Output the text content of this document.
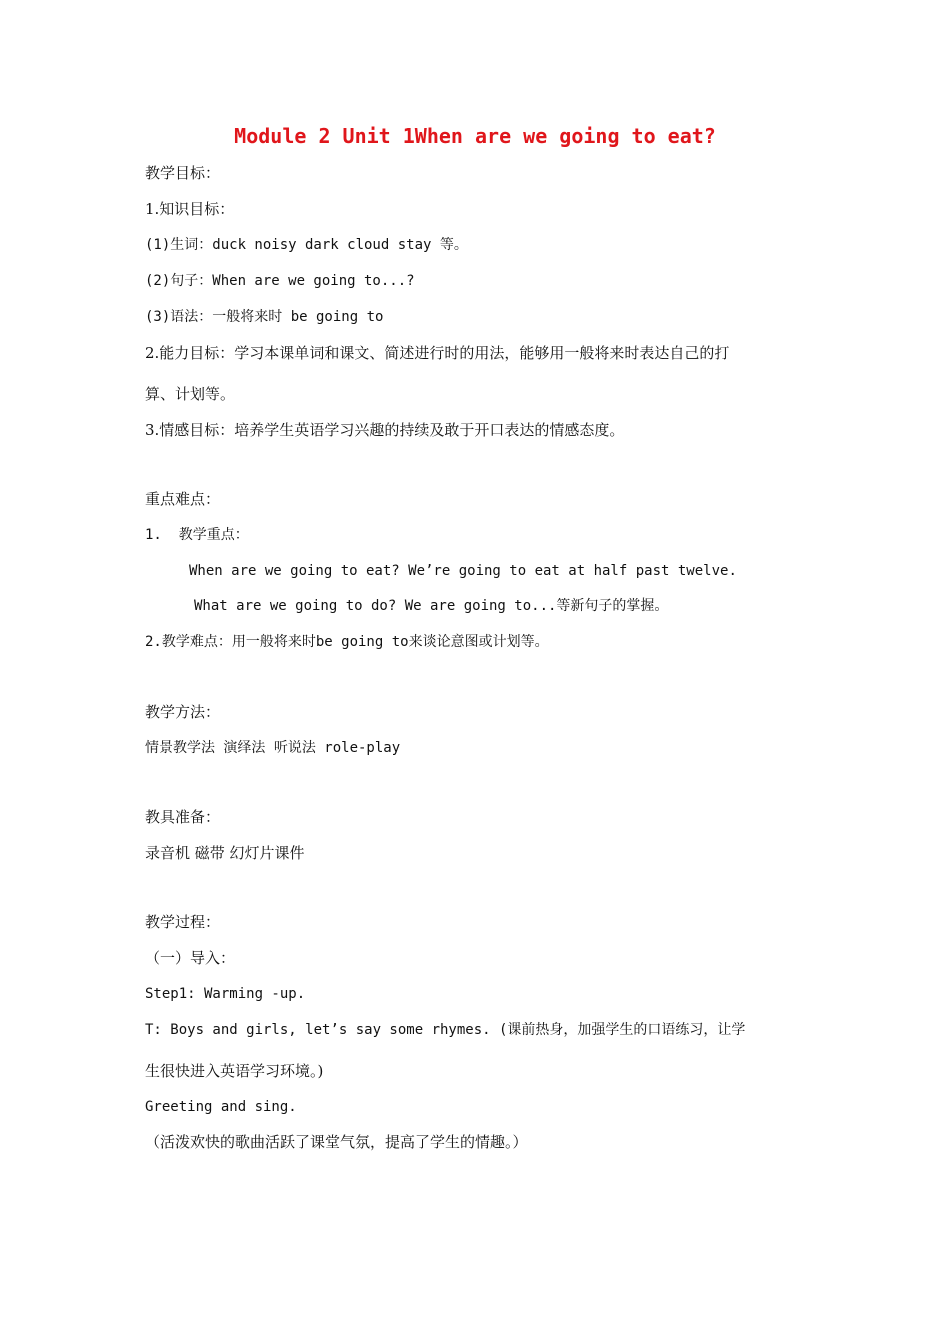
Module 2 Unit 1When are we going to eat?
教学目标：
1.知识目标：
(1)生词：duck noisy dark cloud stay 等。
(2)句子：When are we going to...?
(3)语法：一般将来时 be going to
2.能力目标：学习本课单词和课文、简述进行时的用法，能够用一般将来时表达自己的打
算、计划等。
3.情感目标：培养学生英语学习兴趣的持续及敢于开口表达的情感态度。
重点难点：
1.  教学重点：
When are we going to eat? We’re going to eat at half past twelve.
What are we going to do? We are going to...等新句子的掌握。
2.教学难点：用一般将来时be going to来谈论意图或计划等。
教学方法：
情景教学法 演绎法 听说法 role-play
教具准备：
录音机 磁带 幻灯片课件
教学过程：
（一）导入：
Step1: Warming -up.
T: Boys and girls, let’s say some rhymes. (课前热身，加强学生的口语练习，让学
生很快进入英语学习环境。)
Greeting and sing.
（活泼欢快的歌曲活跃了课堂气氛，提高了学生的情趣。）
